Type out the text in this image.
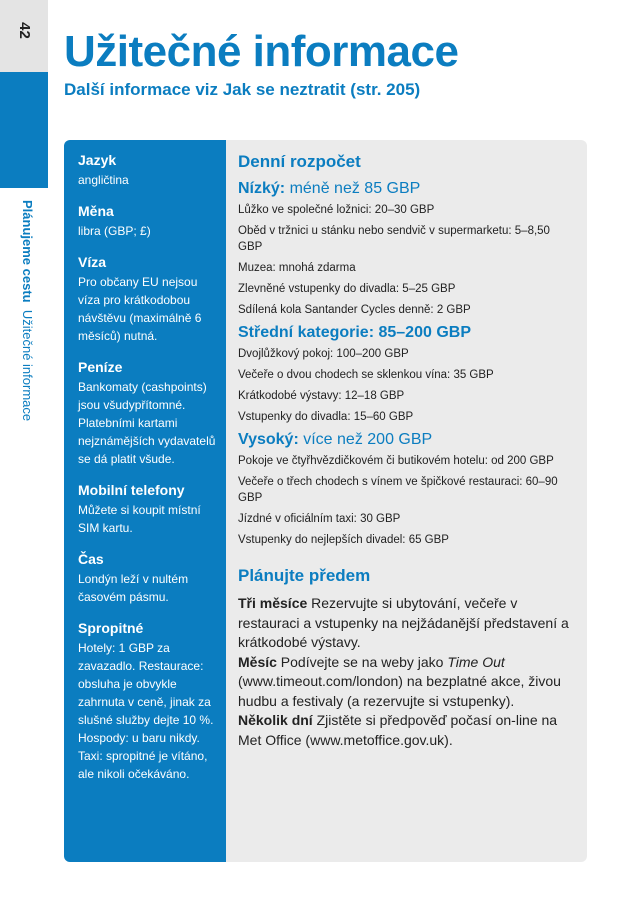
42
Plánujeme cestu  Užitečné informace
Užitečné informace

Další informace viz Jak se neztratit (str. 205)

Jazyk

angličtina

Měna

libra (GBP; £)

Víza

Pro občany EU nejsou víza pro krátkodobou návštěvu (maximálně 6 měsíců) nutná.

Peníze

Bankomaty (cashpoints) jsou všudypřítomné. Platebními kartami nejznámějších vydavatelů se dá platit všude.

Mobilní telefony

Můžete si koupit místní SIM kartu.

Čas

Londýn leží v nultém časovém pásmu.

Spropitné

Hotely: 1 GBP za zavazadlo. Restaurace: obsluha je obvykle zahrnuta v ceně, jinak za slušné služby dejte 10 %. Hospody: u baru nikdy. Taxi: spropitné je vítáno, ale nikoli očekáváno.

Denní rozpočet

Nízký: méně než 85 GBP

Lůžko ve společné ložnici: 20–30 GBP

Oběd v tržnici u stánku nebo sendvič v supermarketu: 5–8,50 GBP

Muzea: mnohá zdarma

Zlevněné vstupenky do divadla: 5–25 GBP

Sdílená kola Santander Cycles denně: 2 GBP

Střední kategorie: 85–200 GBP

Dvojlůžkový pokoj: 100–200 GBP

Večeře o dvou chodech se sklenkou vína: 35 GBP

Krátkodobé výstavy: 12–18 GBP

Vstupenky do divadla: 15–60 GBP

Vysoký: více než 200 GBP

Pokoje ve čtyřhvězdičkovém či butikovém hotelu: od 200 GBP

Večeře o třech chodech s vínem ve špičkové restauraci: 60–90 GBP

Jízdné v oficiálním taxi: 30 GBP

Vstupenky do nejlepších divadel: 65 GBP

Plánujte předem

Tři měsíce Rezervujte si ubytování, večeře v restauraci a vstupenky na nejžádanější představení a krátkodobé výstavy.

Měsíc Podívejte se na weby jako Time Out (www.timeout.com/london) na bezplatné akce, živou hudbu a festivaly (a rezervujte si vstupenky).

Několik dní Zjistěte si předpověď počasí on-line na Met Office (www.metoffice.gov.uk).
